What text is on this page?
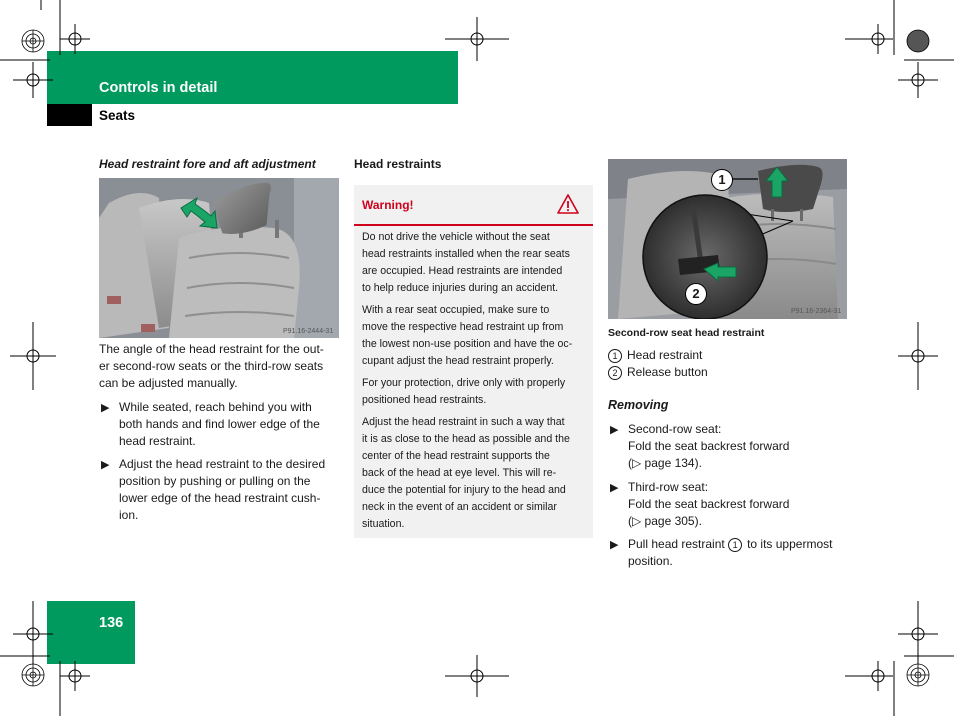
Controls in detail
Seats
136
Head restraint fore and aft adjustment
P91.16-2444-31
The angle of the head restraint for the out-
er second-row seats or the third-row seats
can be adjusted manually.
▶ While seated, reach behind you with
both hands and find lower edge of the
head restraint.
▶ Adjust the head restraint to the desired
position by pushing or pulling on the
lower edge of the head restraint cush-
ion.
Head restraints
Warning!
Do not drive the vehicle without the seat
head restraints installed when the rear seats
are occupied. Head restraints are intended
to help reduce injuries during an accident.
With a rear seat occupied, make sure to
move the respective head restraint up from
the lowest non-use position and have the oc-
cupant adjust the head restraint properly.
For your protection, drive only with properly
positioned head restraints.
Adjust the head restraint in such a way that
it is as close to the head as possible and the
center of the head restraint supports the
back of the head at eye level. This will re-
duce the potential for injury to the head and
neck in the event of an accident or similar
situation.
1
2
P91.16-2364-31
Second-row seat head restraint
1 Head restraint
2 Release button
Removing
▶ Second-row seat:
Fold the seat backrest forward
(▷ page 134).
▶ Third-row seat:
Fold the seat backrest forward
(▷ page 305).
▶ Pull head restraint 1 to its uppermost
position.
